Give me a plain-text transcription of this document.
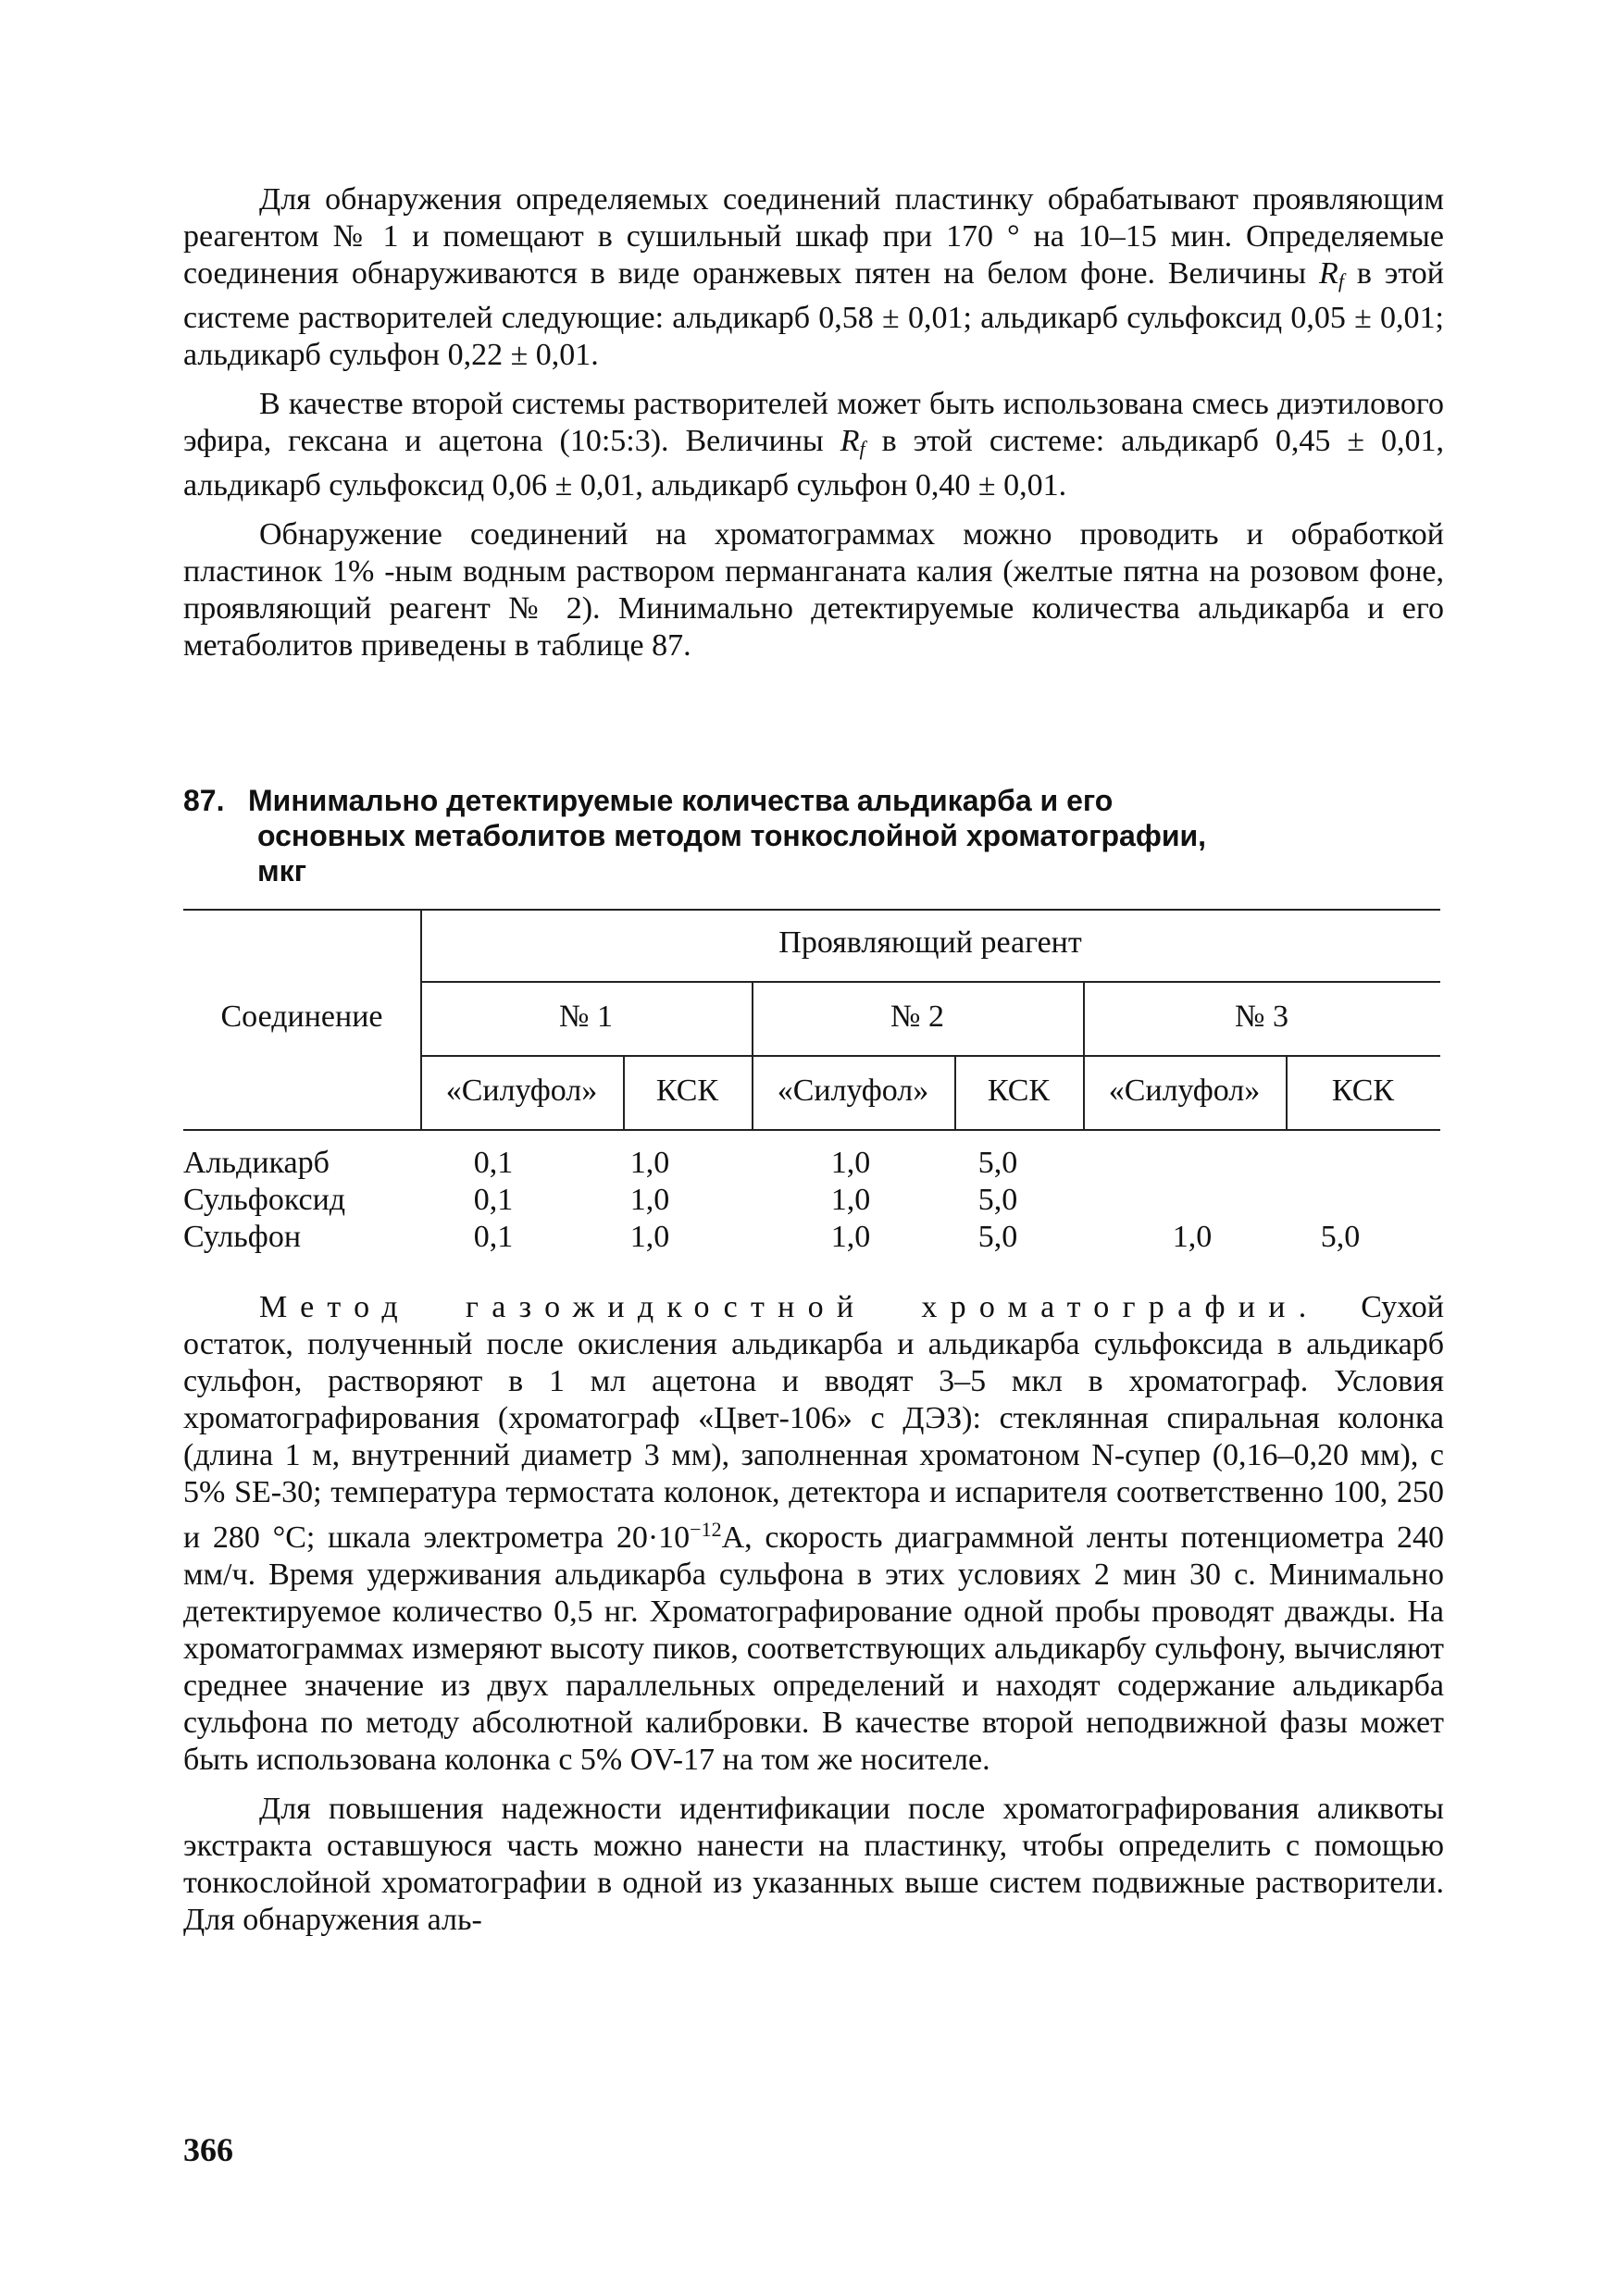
Для обнаружения определяемых соединений пластинку обрабатывают проявляющим реагентом № 1 и помещают в сушильный шкаф при 170 ° на 10–15 мин. Определяемые соединения обнаруживаются в виде оранжевых пятен на белом фоне. Величины $R_f$ в этой системе растворителей следующие: альдикарб 0,58 ± 0,01; альдикарб сульфоксид 0,05 ± 0,01; альдикарб сульфон 0,22 ± 0,01.

В качестве второй системы растворителей может быть использована смесь диэтилового эфира, гексана и ацетона (10:5:3). Величины $R_f$ в этой системе: альдикарб 0,45 ± 0,01, альдикарб сульфоксид 0,06 ± 0,01, альдикарб сульфон 0,40 ± 0,01.

Обнаружение соединений на хроматограммах можно проводить и обработкой пластинок 1% -ным водным раствором перманганата калия (желтые пятна на розовом фоне, проявляющий реагент № 2). Минимально детектируемые количества альдикарба и его метаболитов приведены в таблице 87.

87. Минимально детектируемые количества альдикарба и его
основных метаболитов методом тонкослойной хроматографии,
мкг
Соединение
Проявляющий реагент
№ 1	№ 2	№ 3
«Силуфол»	КСК	«Силуфол»	КСК	«Силуфол»	КСК
Альдикарб	0,1	1,0	1,0	5,0
Сульфоксид	0,1	1,0	1,0	5,0
Сульфон	0,1	1,0	1,0	5,0	1,0	5,0

Метод газожидкостной хроматографии. Сухой остаток, полученный после окисления альдикарба и альдикарба сульфоксида в альдикарб сульфон, растворяют в 1 мл ацетона и вводят 3–5 мкл в хроматограф. Условия хроматографирования (хроматограф «Цвет-106» с ДЭЗ): стеклянная спиральная колонка (длина 1 м, внутренний диаметр 3 мм), заполненная хроматоном N-супер (0,16–0,20 мм), с 5% SE-30; температура термостата колонок, детектора и испарителя соответственно 100, 250 и 280 °С; шкала электрометра $20\cdot 10^{-12}А$, скорость диаграммной ленты потенциометра 240 мм/ч. Время удерживания альдикарба сульфона в этих условиях 2 мин 30 с. Минимально детектируемое количество 0,5 нг. Хроматографирование одной пробы проводят дважды. На хроматограммах измеряют высоту пиков, соответствующих альдикарбу сульфону, вычисляют среднее значение из двух параллельных определений и находят содержание альдикарба сульфона по методу абсолютной калибровки. В качестве второй неподвижной фазы может быть использована колонка с 5% OV-17 на том же носителе.

Для повышения надежности идентификации после хроматографирования аликвоты экстракта оставшуюся часть можно нанести на пластинку, чтобы определить с помощью тонкослойной хроматографии в одной из указанных выше систем подвижные растворители. Для обнаружения аль-

366
